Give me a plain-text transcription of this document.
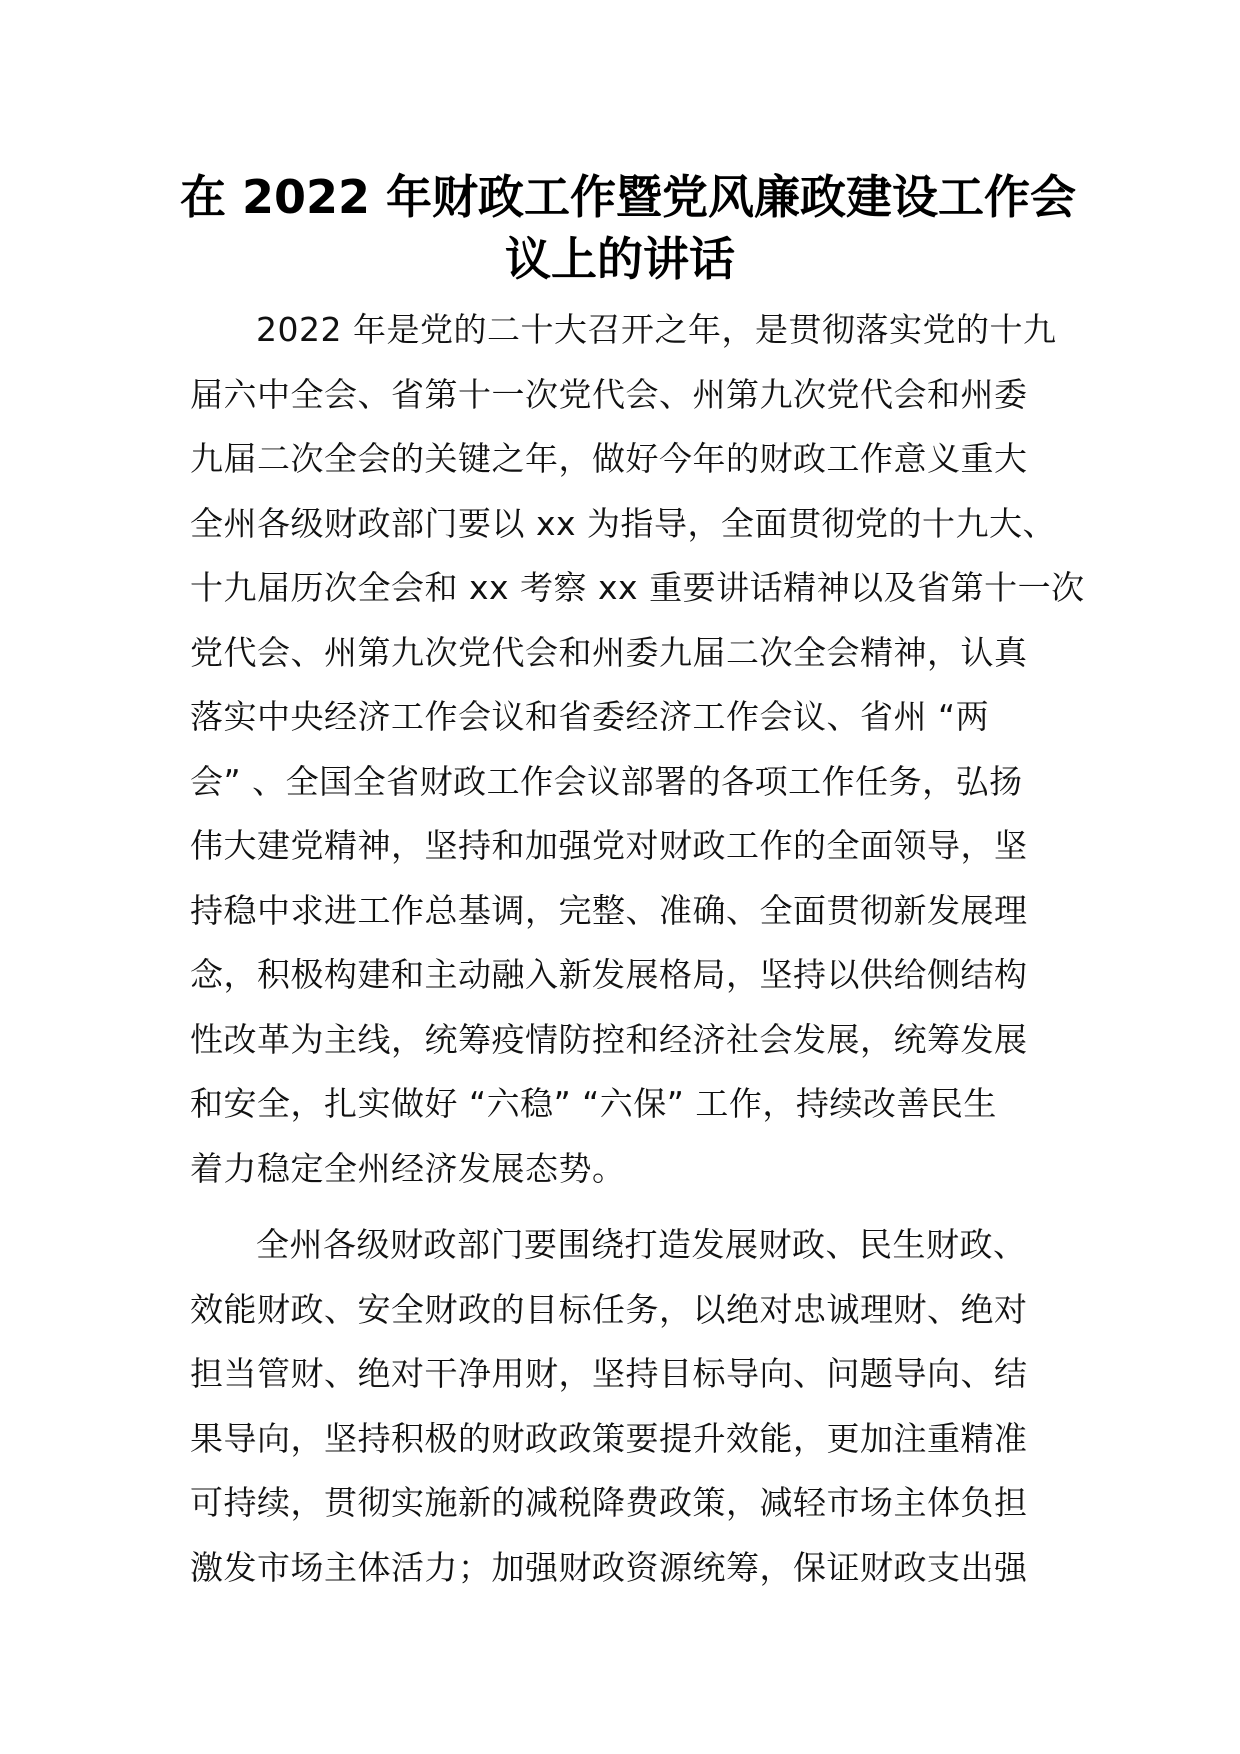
在 2022 年财政工作暨党风廉政建设工作会
议上的讲话
2022 年是党的二十大召开之年，是贯彻落实党的十九
届六中全会、省第十一次党代会、州第九次党代会和州委
九届二次全会的关键之年，做好今年的财政工作意义重大
全州各级财政部门要以 xx 为指导，全面贯彻党的十九大、
十九届历次全会和 xx 考察 xx 重要讲话精神以及省第十一次
党代会、州第九次党代会和州委九届二次全会精神，认真
落实中央经济工作会议和省委经济工作会议、省州 “两
会” 、全国全省财政工作会议部署的各项工作任务，弘扬
伟大建党精神，坚持和加强党对财政工作的全面领导，坚
持稳中求进工作总基调，完整、准确、全面贯彻新发展理
念，积极构建和主动融入新发展格局，坚持以供给侧结构
性改革为主线，统筹疫情防控和经济社会发展，统筹发展
和安全，扎实做好 “六稳” “六保” 工作，持续改善民生
着力稳定全州经济发展态势。
全州各级财政部门要围绕打造发展财政、民生财政、
效能财政、安全财政的目标任务，以绝对忠诚理财、绝对
担当管财、绝对干净用财，坚持目标导向、问题导向、结
果导向，坚持积极的财政政策要提升效能，更加注重精准
可持续，贯彻实施新的减税降费政策，减轻市场主体负担
激发市场主体活力；加强财政资源统筹，保证财政支出强
